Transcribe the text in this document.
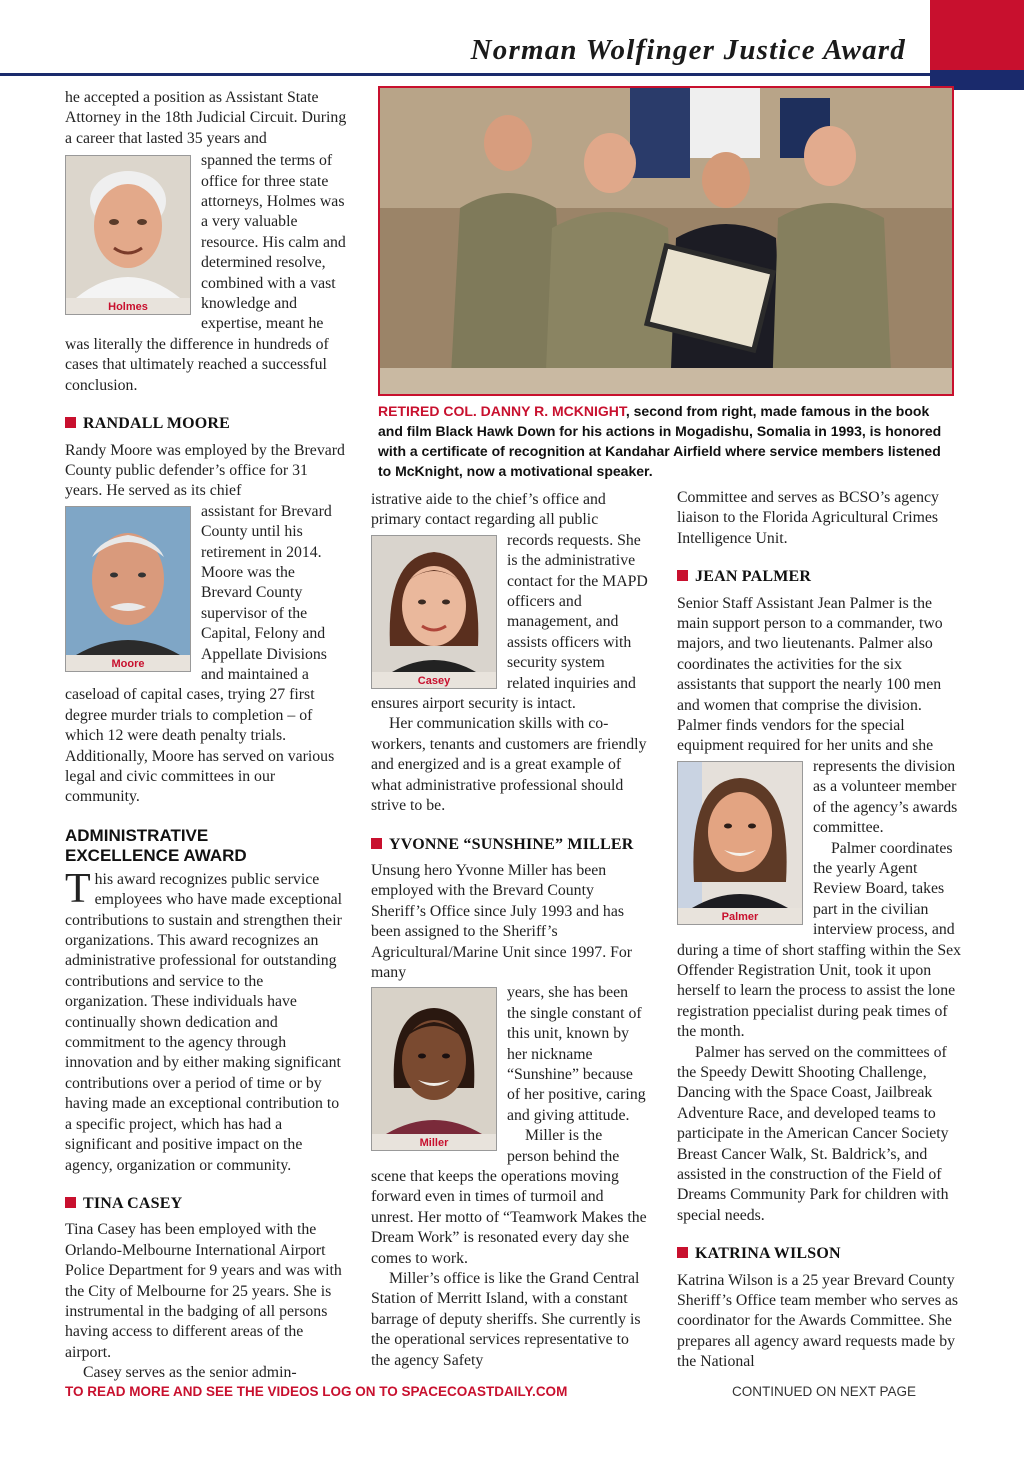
Norman Wolfinger Justice Award

he accepted a position as Assistant State Attorney in the 18th Judicial Circuit. During a career that lasted 35 years and

Holmes

spanned the terms of office for three state attorneys, Holmes was a very valuable resource. His calm and determined resolve, combined with a vast knowledge and expertise, meant he was literally the difference in hundreds of cases that ultimately reached a successful conclusion.

RANDALL MOORE

Randy Moore was employed by the Brevard County public defender’s office for 31 years. He served as its chief

Moore

assistant for Brevard County until his retirement in 2014. Moore was the Brevard County supervisor of the Capital, Felony and Appellate Divisions and maintained a caseload of capital cases, trying 27 first degree murder trials to completion – of which 12 were death penalty trials. Additionally, Moore has served on various legal and civic committees in our community.

ADMINISTRATIVE EXCELLENCE AWARD

This award recognizes public service employees who have made exceptional contributions to sustain and strengthen their organizations. This award recognizes an administrative professional for outstanding contributions and service to the organization. These individuals have continually shown dedication and commitment to the agency through innovation and by either making significant contributions over a period of time or by having made an exceptional contribution to a specific project, which has had a significant and positive impact on the agency, organization or community.

TINA CASEY

Tina Casey has been employed with the Orlando-Melbourne International Airport Police Department for 9 years and was with the City of Melbourne for 25 years. She is instrumental in the badging of all persons having access to different areas of the airport.

Casey serves as the senior admin-

RETIRED COL. DANNY R. MCKNIGHT, second from right, made famous in the book and film Black Hawk Down for his actions in Mogadishu, Somalia in 1993, is honored with a certificate of recognition at Kandahar Airfield where service members listened to McKnight, now a motivational speaker.

istrative aide to the chief’s office and primary contact regarding all public

Casey

records requests. She is the administrative contact for the MAPD officers and management, and assists officers with security system related inquiries and ensures airport security is intact.

Her communication skills with co-workers, tenants and customers are friendly and energized and is a great example of what administrative professional should strive to be.

YVONNE “SUNSHINE” MILLER

Unsung hero Yvonne Miller has been employed with the Brevard County Sheriff’s Office since July 1993 and has been assigned to the Sheriff’s Agricultural/Marine Unit since 1997. For many

Miller

years, she has been the single constant of this unit, known by her nickname “Sunshine” because of her positive, caring and giving attitude.

Miller is the person behind the scene that keeps the operations moving forward even in times of turmoil and unrest. Her motto of “Teamwork Makes the Dream Work” is resonated every day she comes to work.

Miller’s office is like the Grand Central Station of Merritt Island, with a constant barrage of deputy sheriffs. She currently is the operational services representative to the agency Safety

Committee and serves as BCSO’s agency liaison to the Florida Agricultural Crimes Intelligence Unit.

JEAN PALMER

Senior Staff Assistant Jean Palmer is the main support person to a commander, two majors, and two lieutenants. Palmer also coordinates the activities for the six assistants that support the nearly 100 men and women that comprise the division. Palmer finds vendors for the special equipment required for her units and she

Palmer

represents the division as a volunteer member of the agency’s awards committee.

Palmer coordinates the yearly Agent Review Board, takes part in the civilian interview process, and during a time of short staffing within the Sex Offender Registration Unit, took it upon herself to learn the process to assist the lone registration ppecialist during peak times of the month.

Palmer has served on the committees of the Speedy Dewitt Shooting Challenge, Dancing with the Space Coast, Jailbreak Adventure Race, and developed teams to participate in the American Cancer Society Breast Cancer Walk, St. Baldrick’s, and assisted in the construction of the Field of Dreams Community Park for children with special needs.

KATRINA WILSON

Katrina Wilson is a 25 year Brevard County Sheriff’s Office team member who serves as coordinator for the Awards Committee. She prepares all agency award requests made by the National

TO READ MORE AND SEE THE VIDEOS LOG ON TO SPACECOASTDAILY.COM	CONTINUED ON NEXT PAGE
